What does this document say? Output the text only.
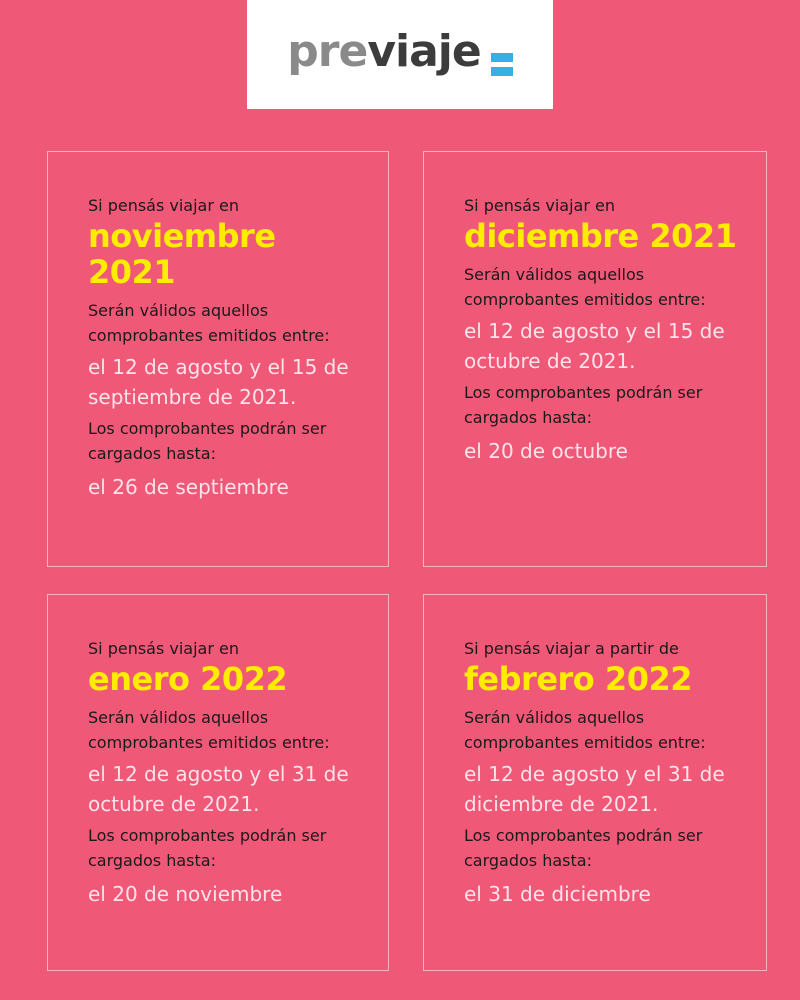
pre viaje

Si pensás viajar en

noviembre 2021

Serán válidos aquellos comprobantes emitidos entre:

el 12 de agosto y el 15 de septiembre de 2021.

Los comprobantes podrán ser cargados hasta:

el 26 de septiembre

Si pensás viajar en

diciembre 2021

Serán válidos aquellos comprobantes emitidos entre:

el 12 de agosto y el 15 de octubre de 2021.

Los comprobantes podrán ser cargados hasta:

el 20 de octubre

Si pensás viajar en

enero 2022

Serán válidos aquellos comprobantes emitidos entre:

el 12 de agosto y el 31 de octubre de 2021.

Los comprobantes podrán ser cargados hasta:

el 20 de noviembre

Si pensás viajar a partir de

febrero 2022

Serán válidos aquellos comprobantes emitidos entre:

el 12 de agosto y el 31 de diciembre de 2021.

Los comprobantes podrán ser cargados hasta:

el 31 de diciembre
